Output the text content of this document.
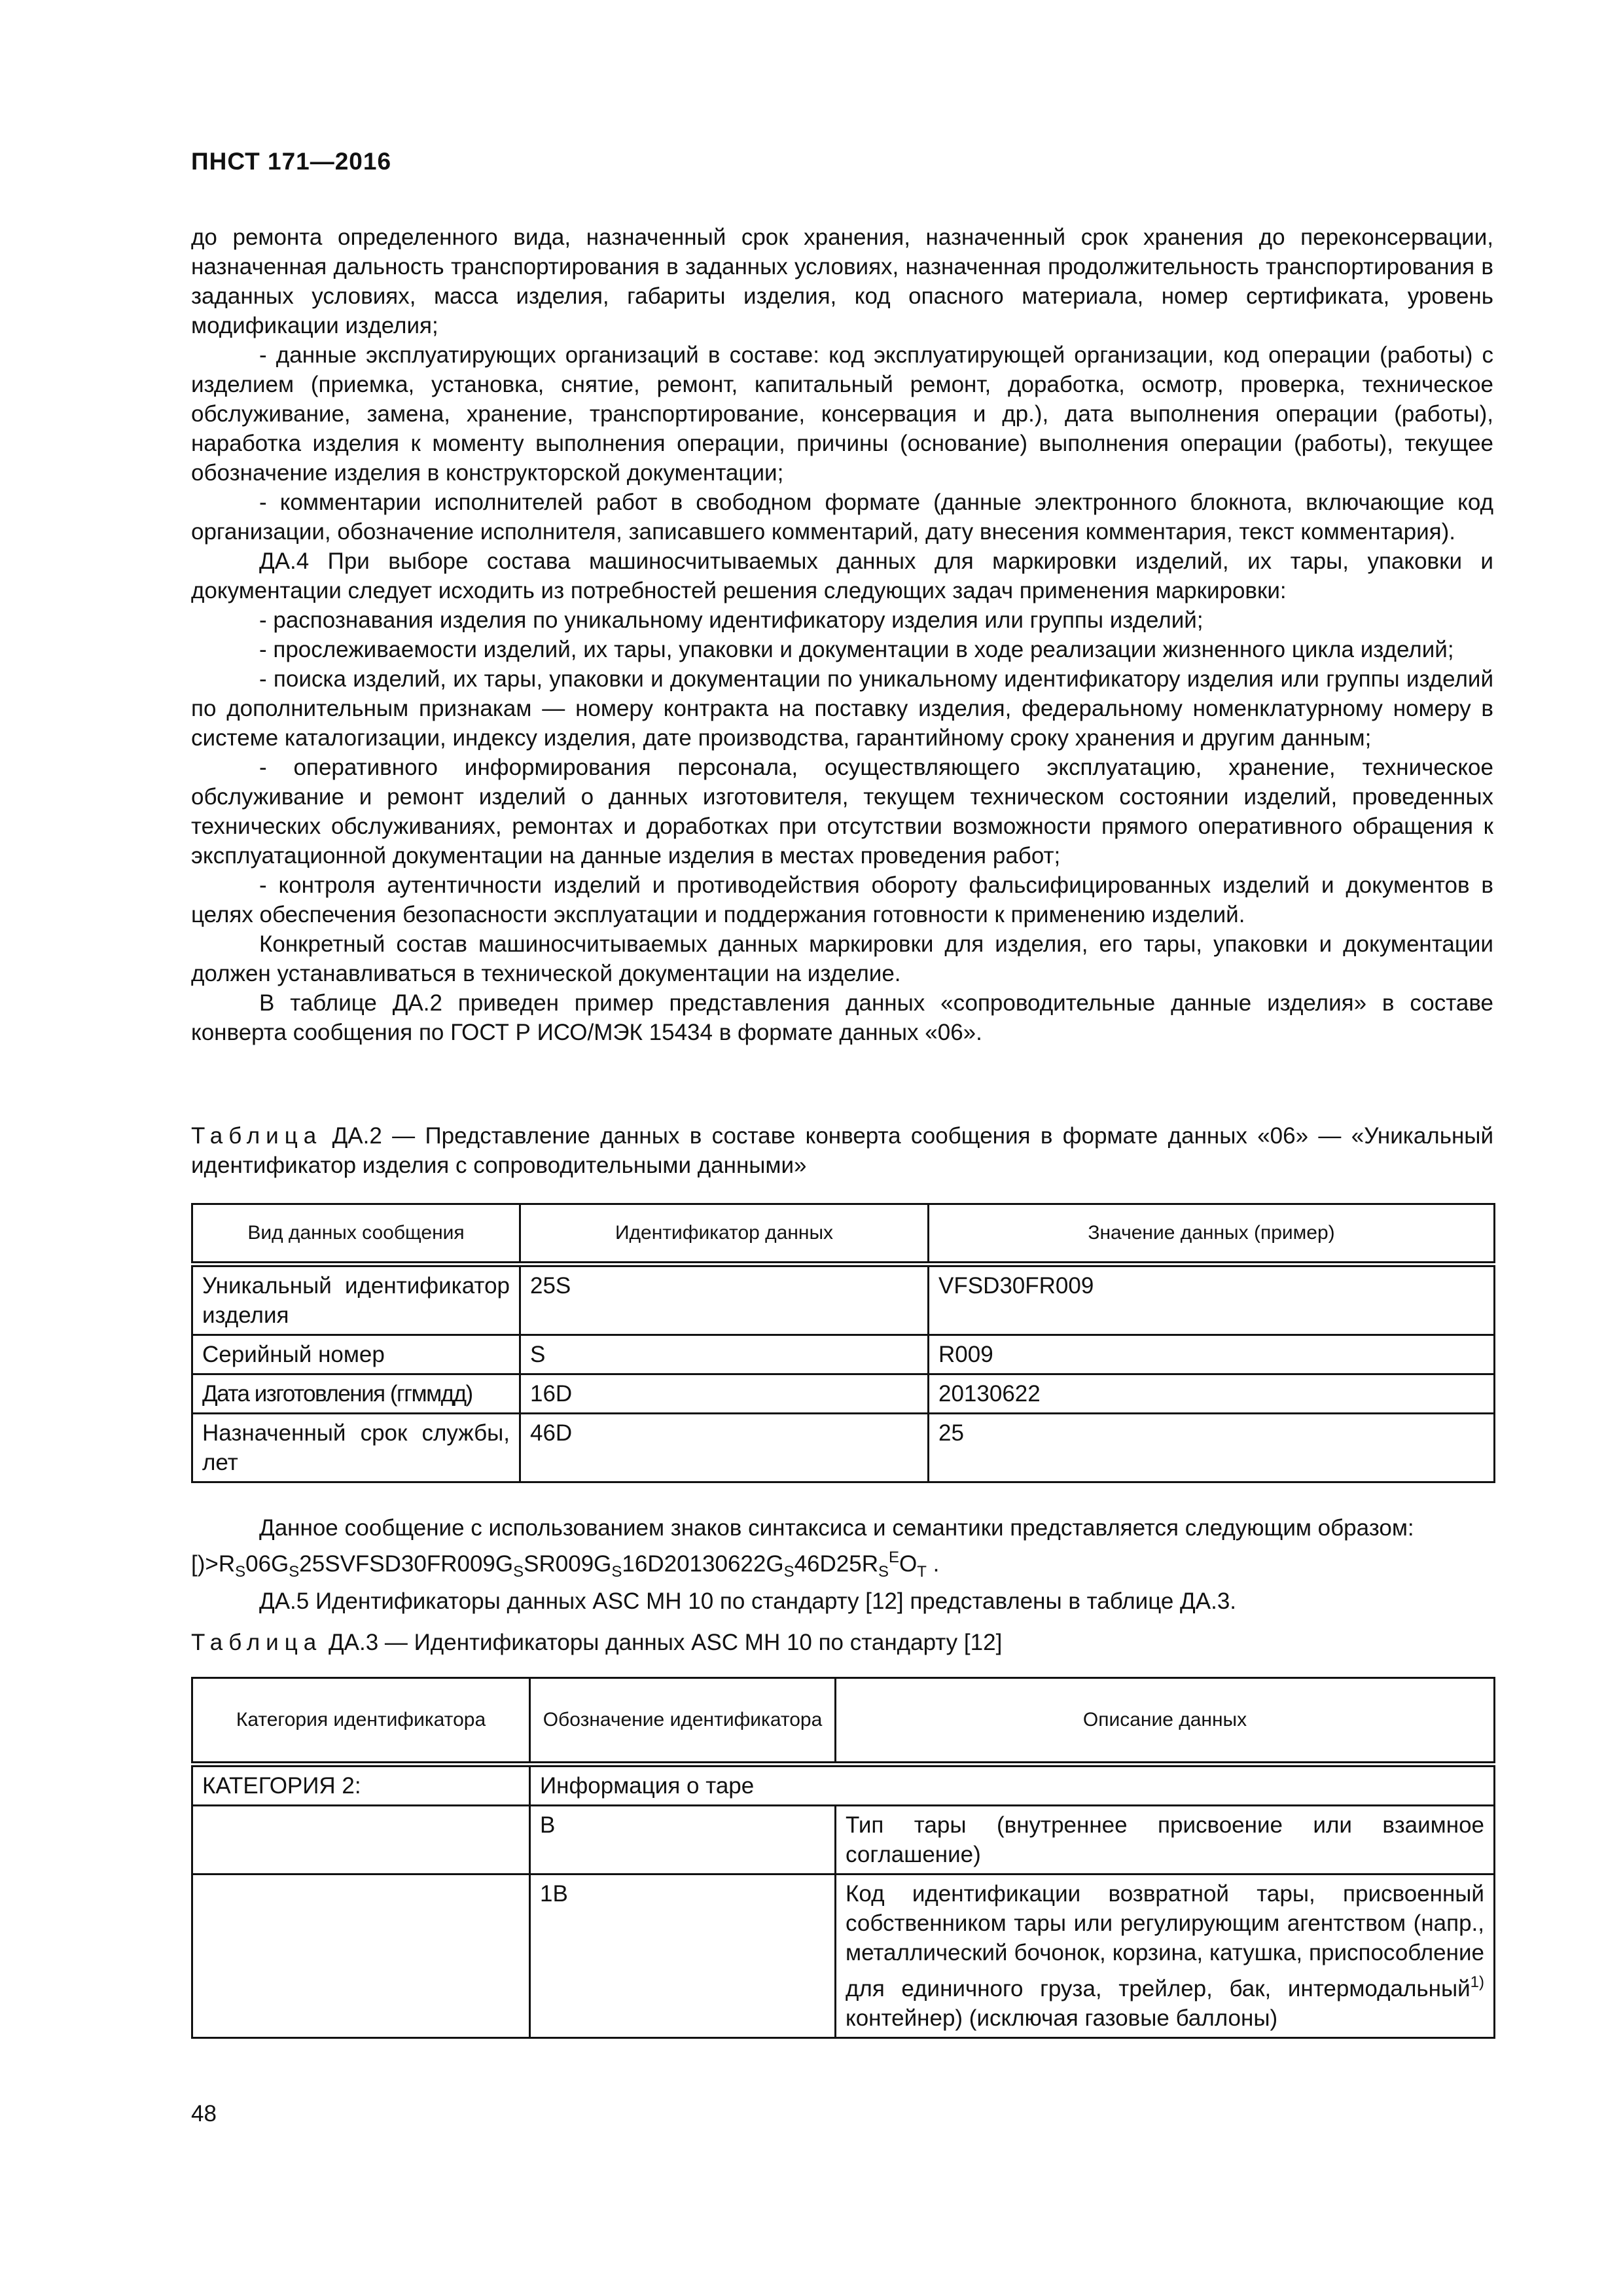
ПНСТ 171—2016

до ремонта определенного вида, назначенный срок хранения, назначенный срок хранения до переконсервации, назначенная дальность транспортирования в заданных условиях, назначенная продолжительность транспортирования в заданных условиях, масса изделия, габариты изделия, код опасного материала, номер сертификата, уровень модификации изделия;

- данные эксплуатирующих организаций в составе: код эксплуатирующей организации, код операции (работы) с изделием (приемка, установка, снятие, ремонт, капитальный ремонт, доработка, осмотр, проверка, техническое обслуживание, замена, хранение, транспортирование, консервация и др.), дата выполнения операции (работы), наработка изделия к моменту выполнения операции, причины (основание) выполнения операции (работы), текущее обозначение изделия в конструкторской документации;

- комментарии исполнителей работ в свободном формате (данные электронного блокнота, включающие код организации, обозначение исполнителя, записавшего комментарий, дату внесения комментария, текст комментария).

ДА.4 При выборе состава машиносчитываемых данных для маркировки изделий, их тары, упаковки и документации следует исходить из потребностей решения следующих задач применения маркировки:

- распознавания изделия по уникальному идентификатору изделия или группы изделий;

- прослеживаемости изделий, их тары, упаковки и документации в ходе реализации жизненного цикла изделий;

- поиска изделий, их тары, упаковки и документации по уникальному идентификатору изделия или группы изделий по дополнительным признакам — номеру контракта на поставку изделия, федеральному номенклатурному номеру в системе каталогизации, индексу изделия, дате производства, гарантийному сроку хранения и другим данным;

- оперативного информирования персонала, осуществляющего эксплуатацию, хранение, техническое обслуживание и ремонт изделий о данных изготовителя, текущем техническом состоянии изделий, проведенных технических обслуживаниях, ремонтах и доработках при отсутствии возможности прямого оперативного обращения к эксплуатационной документации на данные изделия в местах проведения работ;

- контроля аутентичности изделий и противодействия обороту фальсифицированных изделий и документов в целях обеспечения безопасности эксплуатации и поддержания готовности к применению изделий.

Конкретный состав машиносчитываемых данных маркировки для изделия, его тары, упаковки и документации должен устанавливаться в технической документации на изделие.

В таблице ДА.2 приведен пример представления данных «сопроводительные данные изделия» в составе конверта сообщения по ГОСТ Р ИСО/МЭК 15434 в формате данных «06».

Таблица ДА.2 — Представление данных в составе конверта сообщения в формате данных «06» — «Уникальный идентификатор изделия с сопроводительными данными»
Вид данных сообщения	Идентификатор данных	Значение данных (пример)
Уникальный идентификатор изделия	25S	VFSD30FR009
Серийный номер	S	R009
Дата изготовления (ггммдд)	16D	20130622
Назначенный срок службы, лет	46D	25

Данное сообщение с использованием знаков синтаксиса и семантики представляется следующим образом:

$[)>R_S06G_S25SVFSD30FR009G_SSR009G_S16D20130622G_S46D25R_S^EO_T$ .

ДА.5 Идентификаторы данных ASC MH 10 по стандарту [12] представлены в таблице ДА.3.

Таблица ДА.3 — Идентификаторы данных ASC MH 10 по стандарту [12]
Категория идентификатора	Обозначение идентификатора	Описание данных
КАТЕГОРИЯ 2:	Информация о таре	
	B	Тип тары (внутреннее присвоение или взаимное соглашение)
	1B	Код идентификации возвратной тары, присвоенный собственником тары или регулирующим агентством (напр., металлический бочонок, корзина, катушка, приспособление для единичного груза, трейлер, бак, интермодальный$^{1)}$ контейнер) (исключая газовые баллоны)
48
